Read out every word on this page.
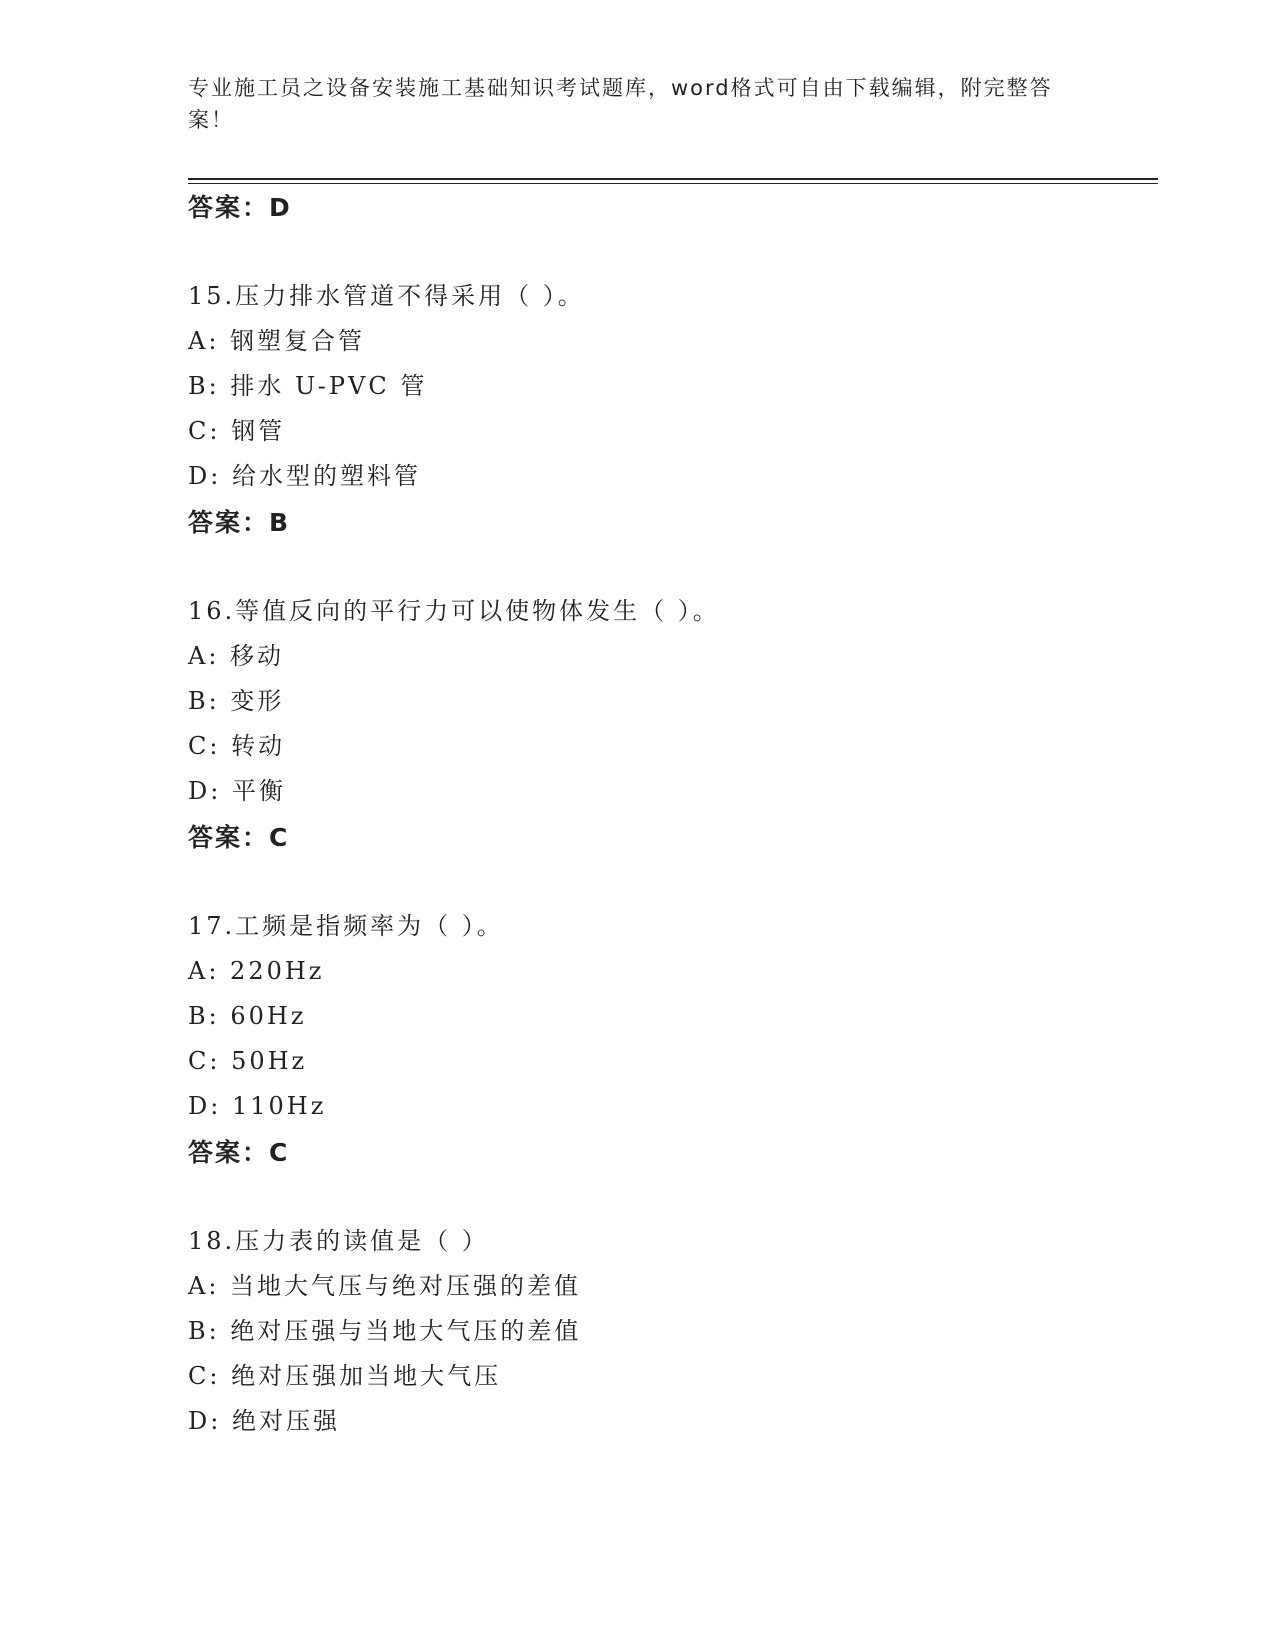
专业施工员之设备安装施工基础知识考试题库，word格式可自由下载编辑，附完整答案！
答案：D
15.压力排水管道不得采用（ ）。
A: 钢塑复合管
B: 排水 U-PVC 管
C: 钢管
D: 给水型的塑料管
答案：B
16.等值反向的平行力可以使物体发生（ ）。
A: 移动
B: 变形
C: 转动
D: 平衡
答案：C
17.工频是指频率为（ ）。
A: 220Hz
B: 60Hz
C: 50Hz
D: 110Hz
答案：C
18.压力表的读值是（ ）
A: 当地大气压与绝对压强的差值
B: 绝对压强与当地大气压的差值
C: 绝对压强加当地大气压
D: 绝对压强
